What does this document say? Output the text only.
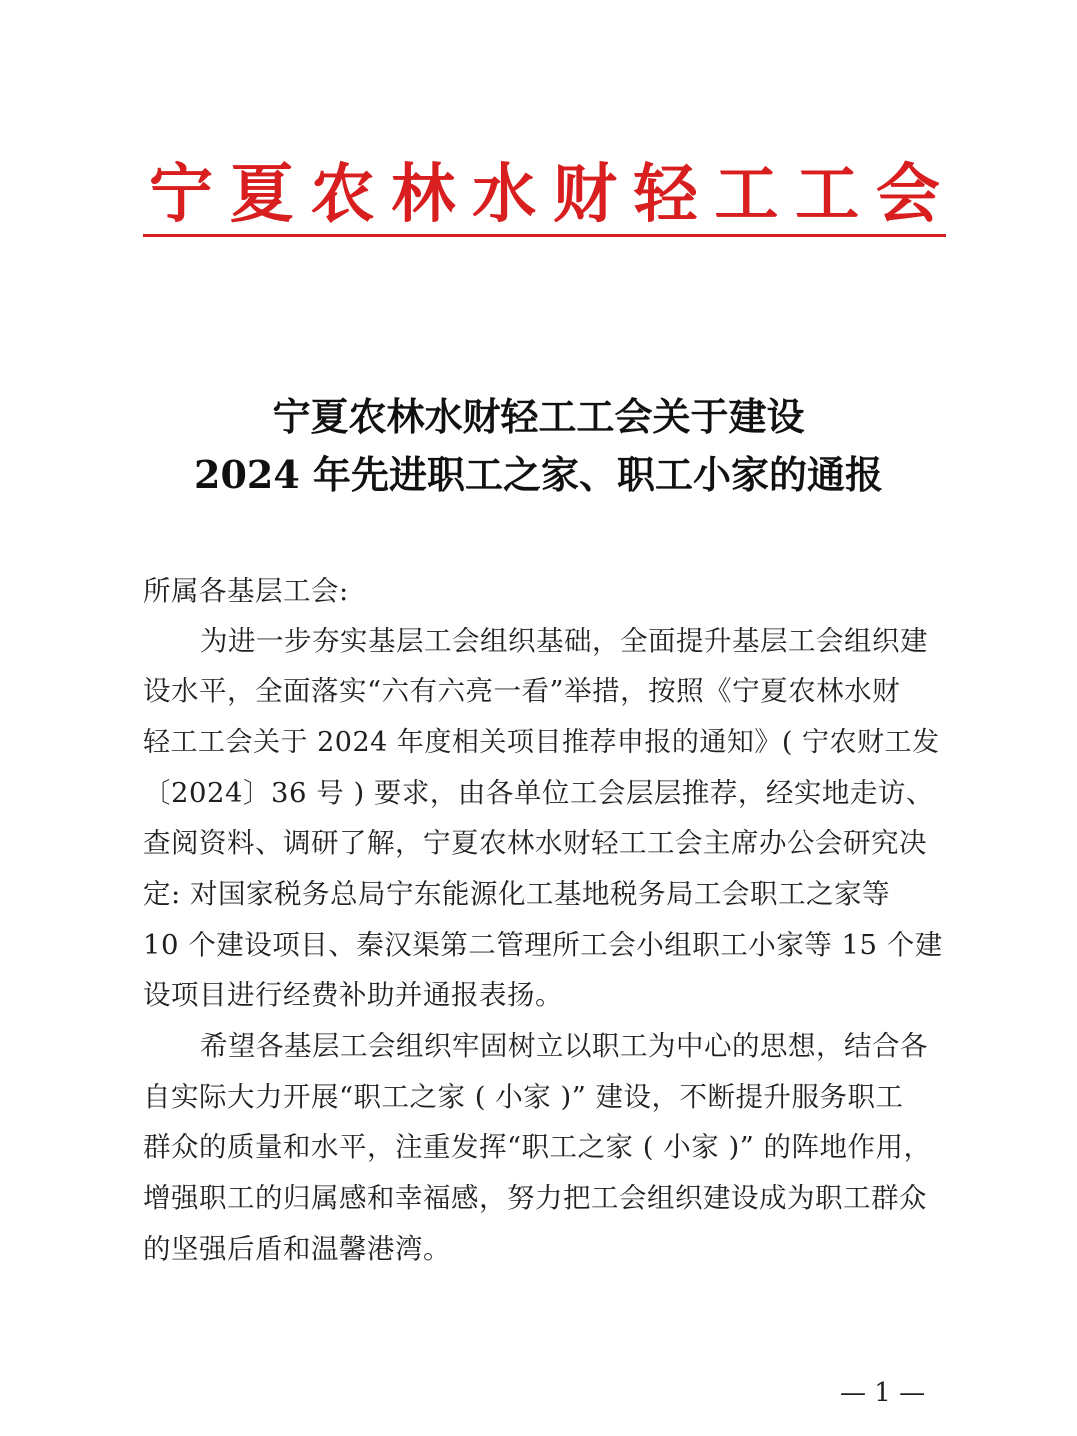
宁 夏 农 林 水 财 轻 工 工 会
宁夏农林水财轻工工会关于建设
2024 年先进职工之家、职工小家的通报
所属各基层工会:
为进一步夯实基层工会组织基础，全面提升基层工会组织建
设水平，全面落实“六有六亮一看”举措，按照《宁夏农林水财
轻工工会关于 2024 年度相关项目推荐申报的通知》( 宁农财工发
〔2024〕36 号 ) 要求，由各单位工会层层推荐，经实地走访、
查阅资料、调研了解，宁夏农林水财轻工工会主席办公会研究决
定: 对国家税务总局宁东能源化工基地税务局工会职工之家等
10 个建设项目、秦汉渠第二管理所工会小组职工小家等 15 个建
设项目进行经费补助并通报表扬。
希望各基层工会组织牢固树立以职工为中心的思想，结合各
自实际大力开展“职工之家 ( 小家 )” 建设，不断提升服务职工
群众的质量和水平，注重发挥“职工之家 ( 小家 )” 的阵地作用，
增强职工的归属感和幸福感，努力把工会组织建设成为职工群众
的坚强后盾和温馨港湾。
— 1 —
